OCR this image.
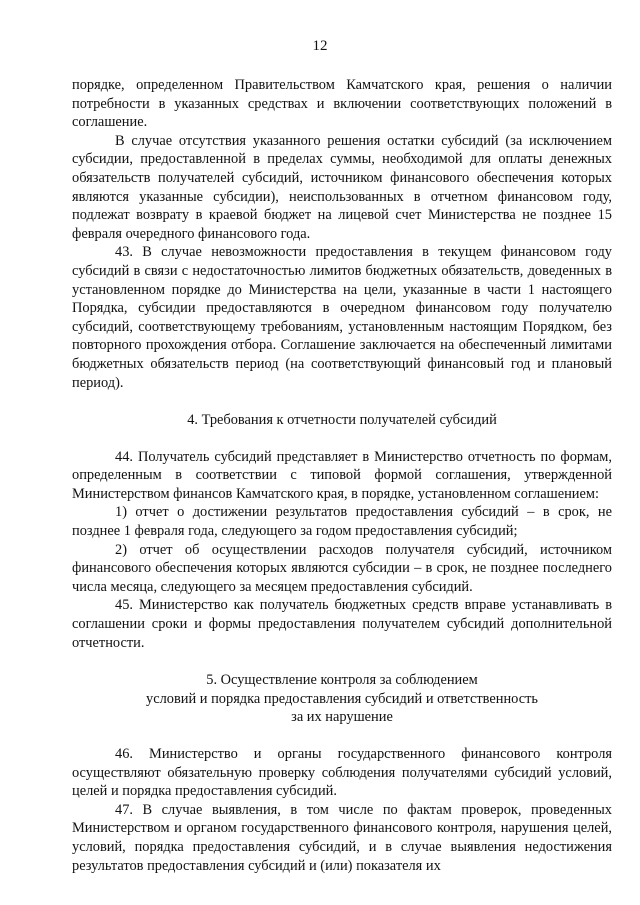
12

порядке, определенном Правительством Камчатского края, решения о наличии потребности в указанных средствах и включении соответствующих положений в соглашение.

В случае отсутствия указанного решения остатки субсидий (за исключением субсидии, предоставленной в пределах суммы, необходимой для оплаты денежных обязательств получателей субсидий, источником финансового обеспечения которых являются указанные субсидии), неиспользованных в отчетном финансовом году, подлежат возврату в краевой бюджет на лицевой счет Министерства не позднее 15 февраля очередного финансового года.

43. В случае невозможности предоставления в текущем финансовом году субсидий в связи с недостаточностью лимитов бюджетных обязательств, доведенных в установленном порядке до Министерства на цели, указанные в части 1 настоящего Порядка, субсидии предоставляются в очередном финансовом году получателю субсидий, соответствующему требованиям, установленным настоящим Порядком, без повторного прохождения отбора. Соглашение заключается на обеспеченный лимитами бюджетных обязательств период (на соответствующий финансовый год и плановый период).

4. Требования к отчетности получателей субсидий

44. Получатель субсидий представляет в Министерство отчетность по формам, определенным в соответствии с типовой формой соглашения, утвержденной Министерством финансов Камчатского края, в порядке, установленном соглашением:

1) отчет о достижении результатов предоставления субсидий – в срок, не позднее 1 февраля года, следующего за годом предоставления субсидий;

2) отчет об осуществлении расходов получателя субсидий, источником финансового обеспечения которых являются субсидии – в срок, не позднее последнего числа месяца, следующего за месяцем предоставления субсидий.

45. Министерство как получатель бюджетных средств вправе устанавливать в соглашении сроки и формы предоставления получателем субсидий дополнительной отчетности.

5. Осуществление контроля за соблюдением
условий и порядка предоставления субсидий и ответственность
за их нарушение

46. Министерство и органы государственного финансового контроля осуществляют обязательную проверку соблюдения получателями субсидий условий, целей и порядка предоставления субсидий.

47. В случае выявления, в том числе по фактам проверок, проведенных Министерством и органом государственного финансового контроля, нарушения целей, условий, порядка предоставления субсидий, и в случае выявления недостижения результатов предоставления субсидий и (или) показателя их
